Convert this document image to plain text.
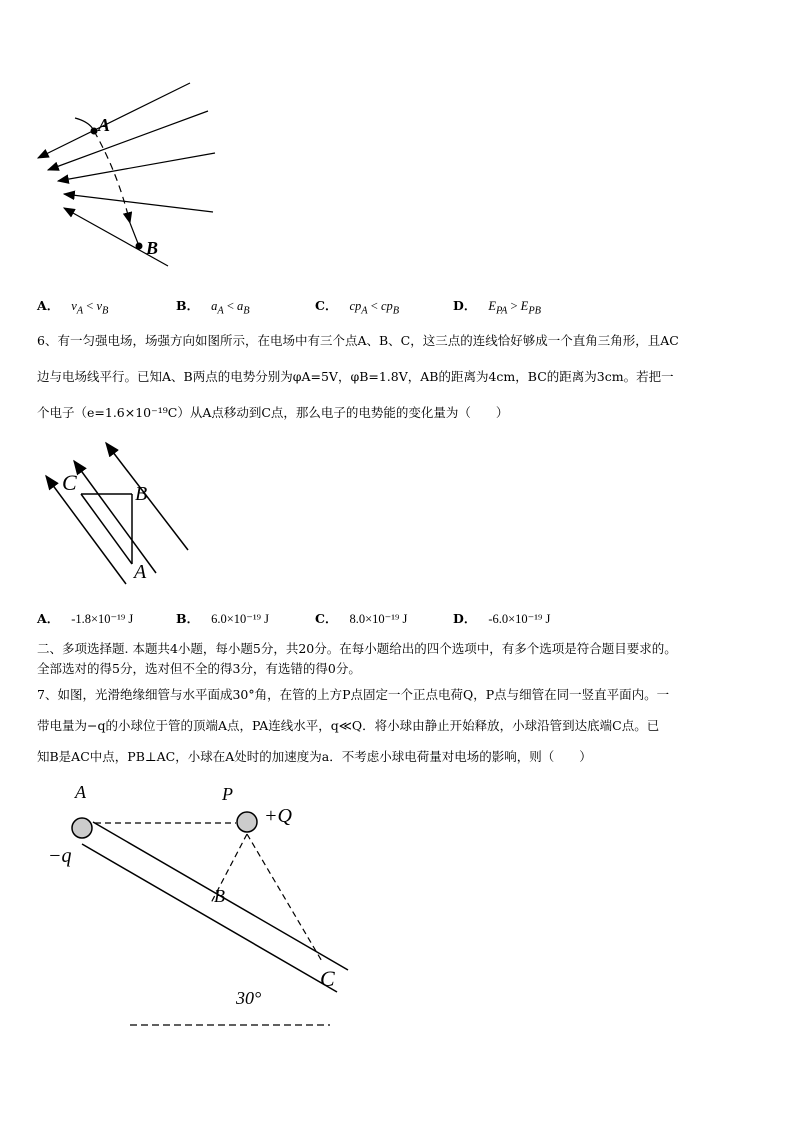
A
B
A． $v_A < v_B$	B． $a_A < a_B$	C． $cp_A < cp_B$	D． $E_{PA} > E_{PB}$
6、有一匀强电场，场强方向如图所示，在电场中有三个点A、B、C，这三点的连线恰好够成一个直角三角形，且AC
边与电场线平行。已知A、B两点的电势分别为φA=5V，φB=1.8V，AB的距离为4cm，BC的距离为3cm。若把一
个电子（e=1.6×10⁻¹⁹C）从A点移动到C点，那么电子的电势能的变化量为（　　）
C	B
A
A． -1.8×10⁻¹⁹ J	B． 6.0×10⁻¹⁹ J	C． 8.0×10⁻¹⁹ J	D． -6.0×10⁻¹⁹ J
二、多项选择题. 本题共4小题，每小题5分，共20分。在每小题给出的四个选项中，有多个选项是符合题目要求的。
全部选对的得5分，选对但不全的得3分，有选错的得0分。
7、如图，光滑绝缘细管与水平面成30°角，在管的上方P点固定一个正点电荷Q，P点与细管在同一竖直平面内。一
带电量为−q的小球位于管的顶端A点，PA连线水平，q≪Q．将小球由静止开始释放，小球沿管到达底端C点。已
知B是AC中点，PB⊥AC，小球在A处时的加速度为a．不考虑小球电荷量对电场的影响，则（　　）
A	P
+Q
−q
B
C
30°
